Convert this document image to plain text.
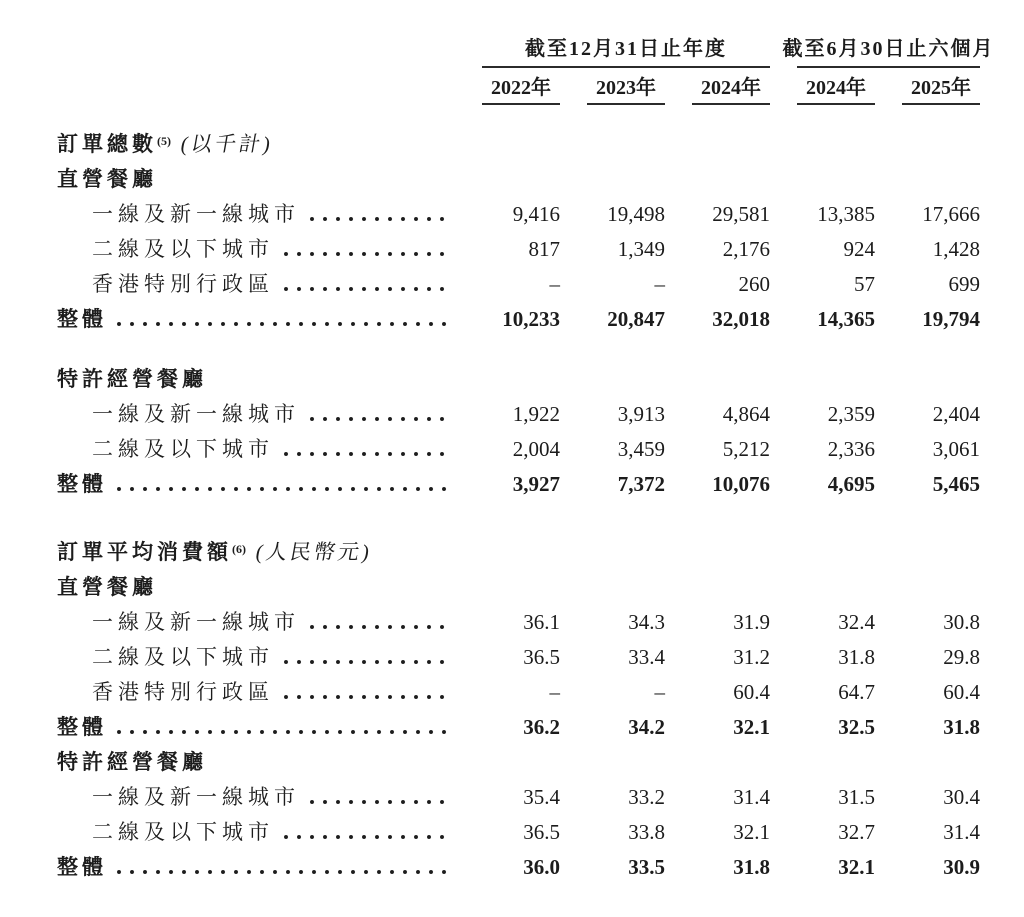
截至12月31日止年度	截至6月30日止六個月
2022年	2023年	2024年	2024年	2025年
訂單總數 (5) (以千計)
直營餐廳
一線及新一線城市	9,416	19,498	29,581	13,385	17,666
二線及以下城市	817	1,349	2,176	924	1,428
香港特別行政區	–	–	260	57	699
整體	10,233	20,847	32,018	14,365	19,794
特許經營餐廳
一線及新一線城市	1,922	3,913	4,864	2,359	2,404
二線及以下城市	2,004	3,459	5,212	2,336	3,061
整體	3,927	7,372	10,076	4,695	5,465
訂單平均消費額 (6) (人民幣元)
直營餐廳
一線及新一線城市	36.1	34.3	31.9	32.4	30.8
二線及以下城市	36.5	33.4	31.2	31.8	29.8
香港特別行政區	–	–	60.4	64.7	60.4
整體	36.2	34.2	32.1	32.5	31.8
特許經營餐廳
一線及新一線城市	35.4	33.2	31.4	31.5	30.4
二線及以下城市	36.5	33.8	32.1	32.7	31.4
整體	36.0	33.5	31.8	32.1	30.9
